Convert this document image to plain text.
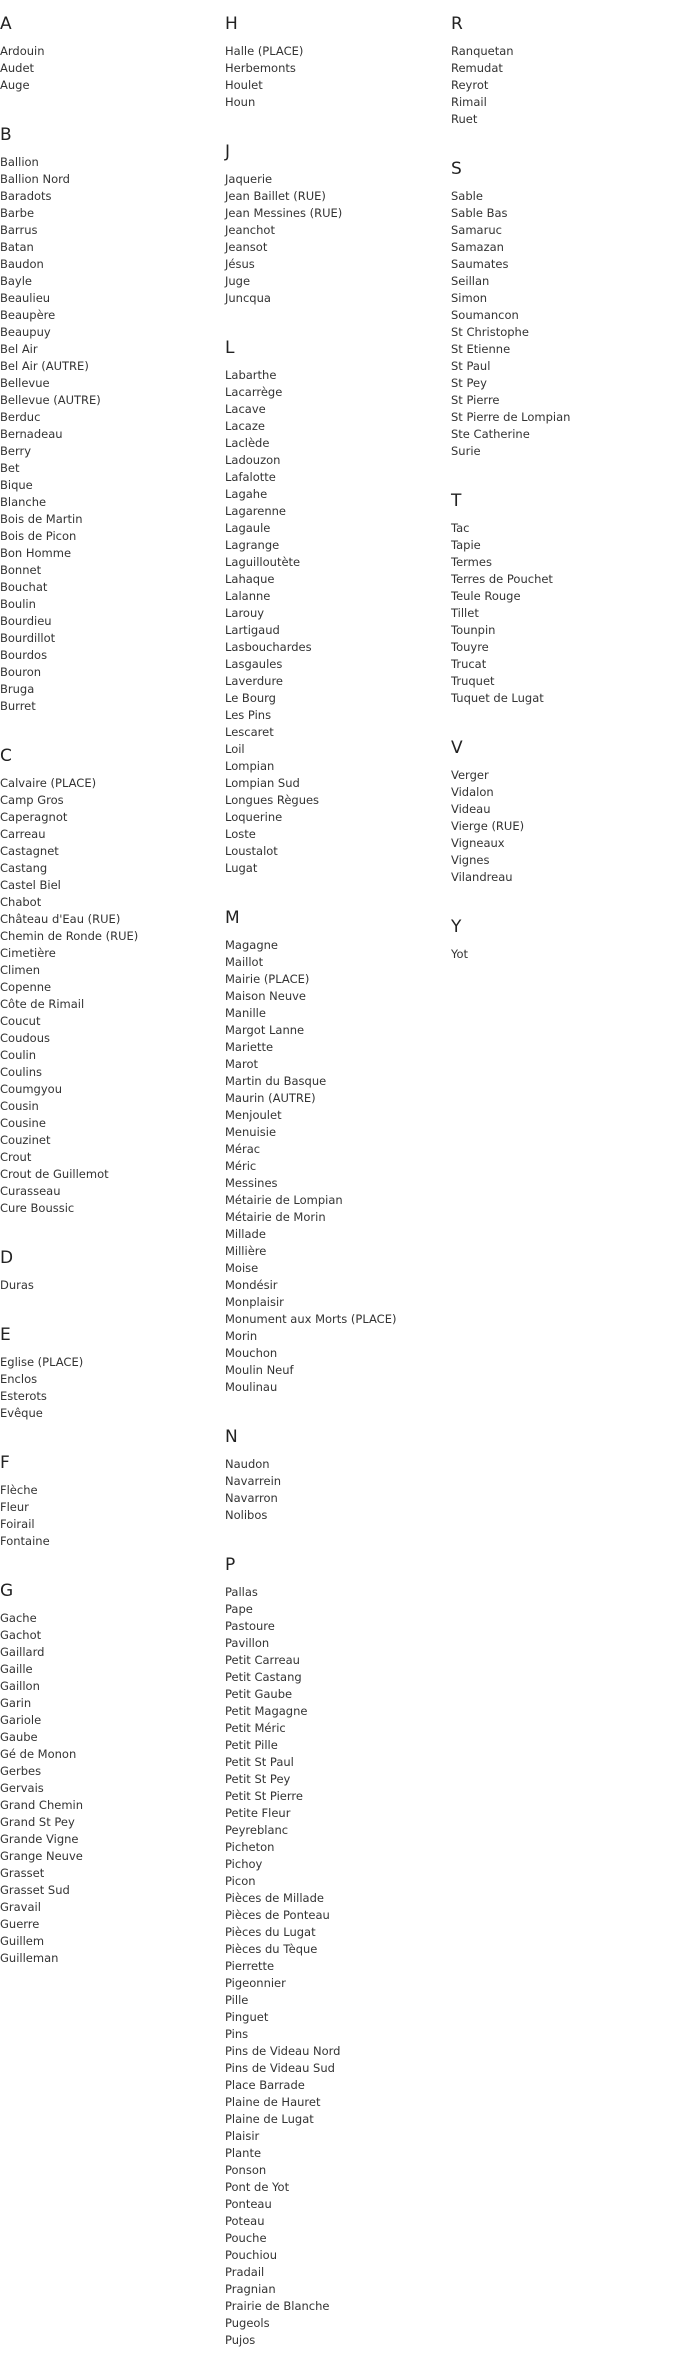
A
Ardouin
Audet
Auge
B
Ballion
Ballion Nord
Baradots
Barbe
Barrus
Batan
Baudon
Bayle
Beaulieu
Beaupère
Beaupuy
Bel Air
Bel Air (AUTRE)
Bellevue
Bellevue (AUTRE)
Berduc
Bernadeau
Berry
Bet
Bique
Blanche
Bois de Martin
Bois de Picon
Bon Homme
Bonnet
Bouchat
Boulin
Bourdieu
Bourdillot
Bourdos
Bouron
Bruga
Burret
C
Calvaire (PLACE)
Camp Gros
Caperagnot
Carreau
Castagnet
Castang
Castel Biel
Chabot
Château d'Eau (RUE)
Chemin de Ronde (RUE)
Cimetière
Climen
Copenne
Côte de Rimail
Coucut
Coudous
Coulin
Coulins
Coumgyou
Cousin
Cousine
Couzinet
Crout
Crout de Guillemot
Curasseau
Cure Boussic
D
Duras
E
Eglise (PLACE)
Enclos
Esterots
Evêque
F
Flèche
Fleur
Foirail
Fontaine
G
Gache
Gachot
Gaillard
Gaille
Gaillon
Garin
Gariole
Gaube
Gé de Monon
Gerbes
Gervais
Grand Chemin
Grand St Pey
Grande Vigne
Grange Neuve
Grasset
Grasset Sud
Gravail
Guerre
Guillem
Guilleman
H
Halle (PLACE)
Herbemonts
Houlet
Houn
J
Jaquerie
Jean Baillet (RUE)
Jean Messines (RUE)
Jeanchot
Jeansot
Jésus
Juge
Juncqua
L
Labarthe
Lacarrège
Lacave
Lacaze
Laclède
Ladouzon
Lafalotte
Lagahe
Lagarenne
Lagaule
Lagrange
Laguilloutète
Lahaque
Lalanne
Larouy
Lartigaud
Lasbouchardes
Lasgaules
Laverdure
Le Bourg
Les Pins
Lescaret
Loil
Lompian
Lompian Sud
Longues Règues
Loquerine
Loste
Loustalot
Lugat
M
Magagne
Maillot
Mairie (PLACE)
Maison Neuve
Manille
Margot Lanne
Mariette
Marot
Martin du Basque
Maurin (AUTRE)
Menjoulet
Menuisie
Mérac
Méric
Messines
Métairie de Lompian
Métairie de Morin
Millade
Millière
Moise
Mondésir
Monplaisir
Monument aux Morts (PLACE)
Morin
Mouchon
Moulin Neuf
Moulinau
N
Naudon
Navarrein
Navarron
Nolibos
P
Pallas
Pape
Pastoure
Pavillon
Petit Carreau
Petit Castang
Petit Gaube
Petit Magagne
Petit Méric
Petit Pille
Petit St Paul
Petit St Pey
Petit St Pierre
Petite Fleur
Peyreblanc
Picheton
Pichoy
Picon
Pièces de Millade
Pièces de Ponteau
Pièces du Lugat
Pièces du Tèque
Pierrette
Pigeonnier
Pille
Pinguet
Pins
Pins de Videau Nord
Pins de Videau Sud
Place Barrade
Plaine de Hauret
Plaine de Lugat
Plaisir
Plante
Ponson
Pont de Yot
Ponteau
Poteau
Pouche
Pouchiou
Pradail
Pragnian
Prairie de Blanche
Pugeols
Pujos
R
Ranquetan
Remudat
Reyrot
Rimail
Ruet
S
Sable
Sable Bas
Samaruc
Samazan
Saumates
Seillan
Simon
Soumancon
St Christophe
St Etienne
St Paul
St Pey
St Pierre
St Pierre de Lompian
Ste Catherine
Surie
T
Tac
Tapie
Termes
Terres de Pouchet
Teule Rouge
Tillet
Tounpin
Touyre
Trucat
Truquet
Tuquet de Lugat
V
Verger
Vidalon
Videau
Vierge (RUE)
Vigneaux
Vignes
Vilandreau
Y
Yot
